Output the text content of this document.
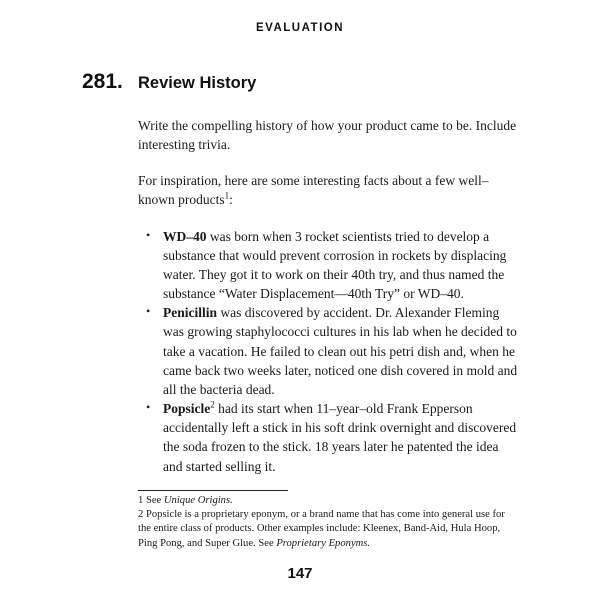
EVALUATION
281. Review History

Write the compelling history of how your product came to be. Include interesting trivia.

For inspiration, here are some interesting facts about a few well–known products$^1$:

• WD–40 was born when 3 rocket scientists tried to develop a substance that would prevent corrosion in rockets by displacing water. They got it to work on their 40th try, and thus named the substance “Water Displacement—40th Try” or WD–40.
• Penicillin was discovered by accident. Dr. Alexander Fleming was growing staphylococci cultures in his lab when he decided to take a vacation. He failed to clean out his petri dish and, when he came back two weeks later, noticed one dish covered in mold and all the bacteria dead.
• Popsicle$^2$ had its start when 11–year–old Frank Epperson accidentally left a stick in his soft drink overnight and discovered the soda frozen to the stick. 18 years later he patented the idea and started selling it.

1 See Unique Origins.

2 Popsicle is a proprietary eponym, or a brand name that has come into general use for the entire class of products. Other examples include: Kleenex, Band-Aid, Hula Hoop, Ping Pong, and Super Glue. See Proprietary Eponyms.

147
